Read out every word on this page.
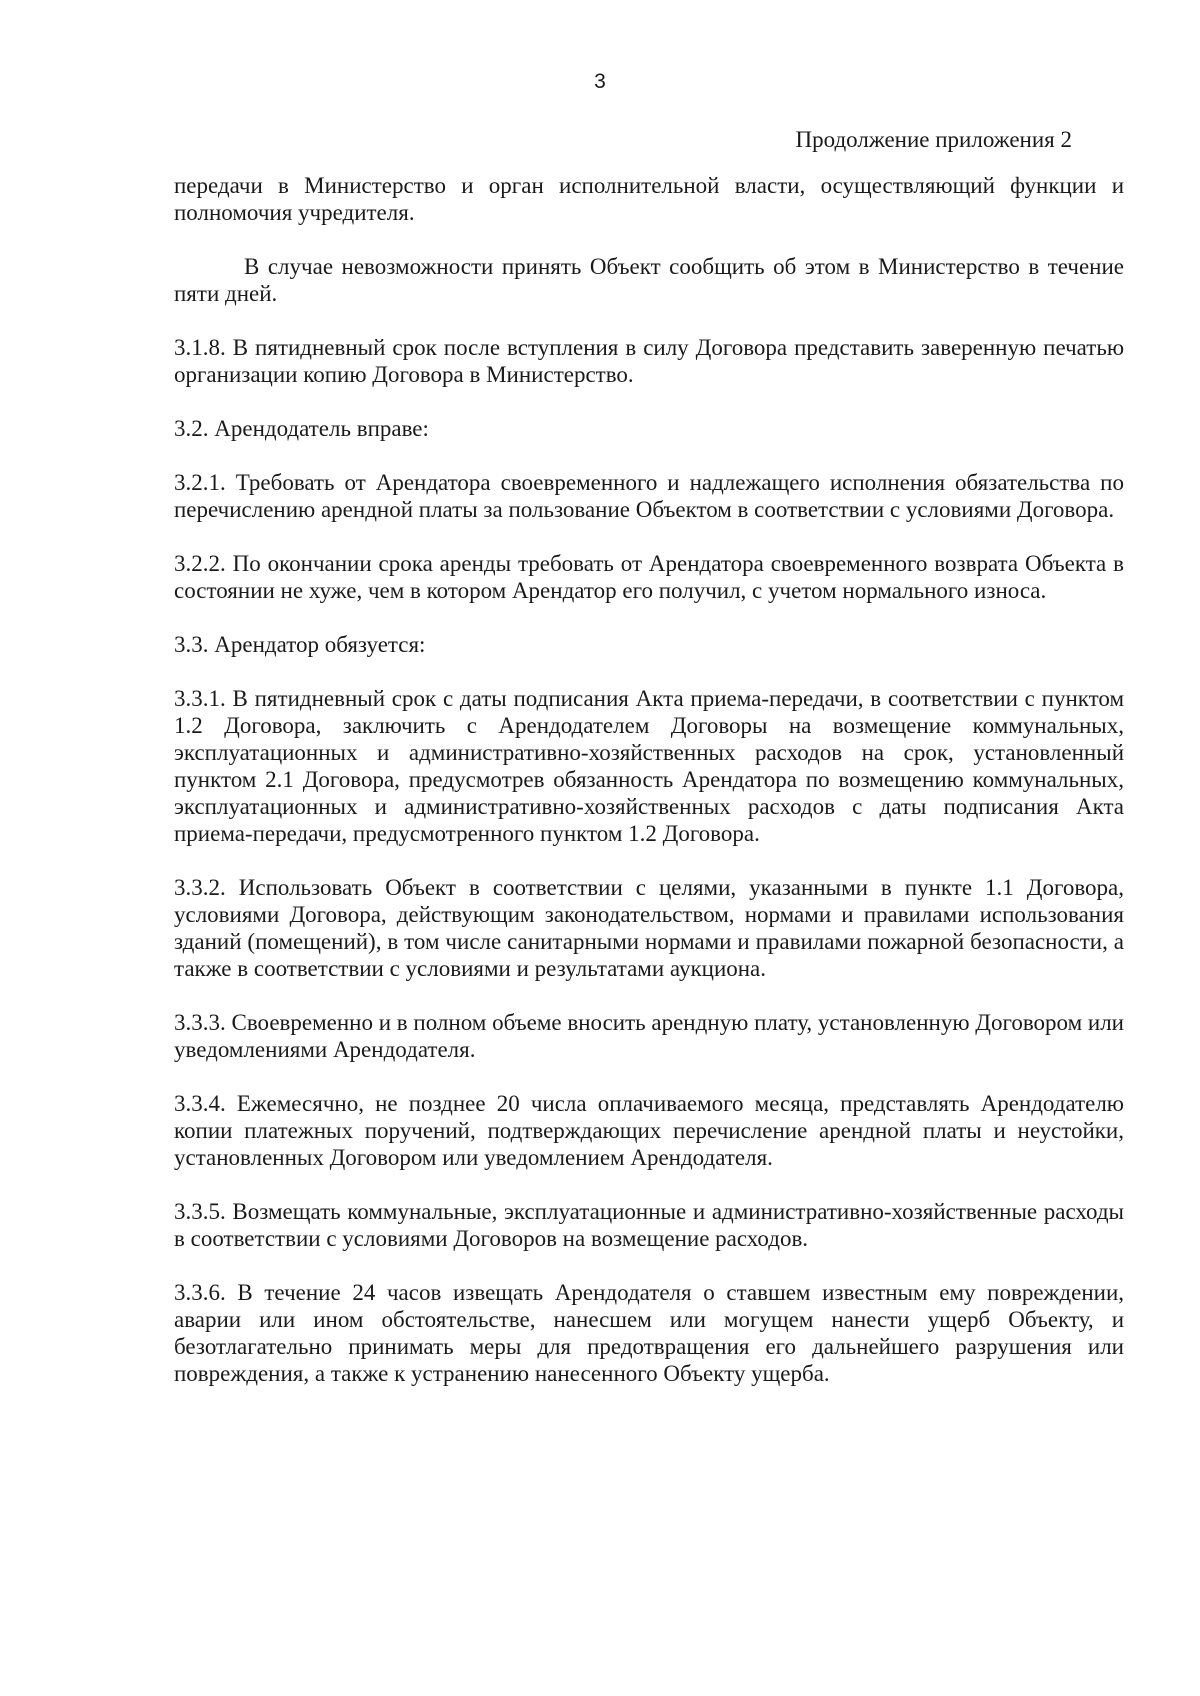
3
Продолжение приложения 2

передачи в Министерство и орган исполнительной власти, осуществляющий функции и полномочия учредителя.

В случае невозможности принять Объект сообщить об этом в Министерство в течение пяти дней.

3.1.8. В пятидневный срок после вступления в силу Договора представить заверенную печатью организации копию Договора в Министерство.

3.2. Арендодатель вправе:

3.2.1. Требовать от Арендатора своевременного и надлежащего исполнения обязательства по перечислению арендной платы за пользование Объектом в соответствии с условиями Договора.

3.2.2. По окончании срока аренды требовать от Арендатора своевременного возврата Объекта в состоянии не хуже, чем в котором Арендатор его получил, с учетом нормального износа.

3.3. Арендатор обязуется:

3.3.1. В пятидневный срок с даты подписания Акта приема-передачи, в соответствии с пунктом 1.2 Договора, заключить с Арендодателем Договоры на возмещение коммунальных, эксплуатационных и административно-хозяйственных расходов на срок, установленный пунктом 2.1 Договора, предусмотрев обязанность Арендатора по возмещению коммунальных, эксплуатационных и административно-хозяйственных расходов с даты подписания Акта приема-передачи, предусмотренного пунктом 1.2 Договора.

3.3.2. Использовать Объект в соответствии с целями, указанными в пункте 1.1 Договора, условиями Договора, действующим законодательством, нормами и правилами использования зданий (помещений), в том числе санитарными нормами и правилами пожарной безопасности, а также в соответствии с условиями и результатами аукциона.

3.3.3. Своевременно и в полном объеме вносить арендную плату, установленную Договором или уведомлениями Арендодателя.

3.3.4. Ежемесячно, не позднее 20 числа оплачиваемого месяца, представлять Арендодателю копии платежных поручений, подтверждающих перечисление арендной платы и неустойки, установленных Договором или уведомлением Арендодателя.

3.3.5. Возмещать коммунальные, эксплуатационные и административно-хозяйственные расходы в соответствии с условиями Договоров на возмещение расходов.

3.3.6. В течение 24 часов извещать Арендодателя о ставшем известным ему повреждении, аварии или ином обстоятельстве, нанесшем или могущем нанести ущерб Объекту, и безотлагательно принимать меры для предотвращения его дальнейшего разрушения или повреждения, а также к устранению нанесенного Объекту ущерба.
